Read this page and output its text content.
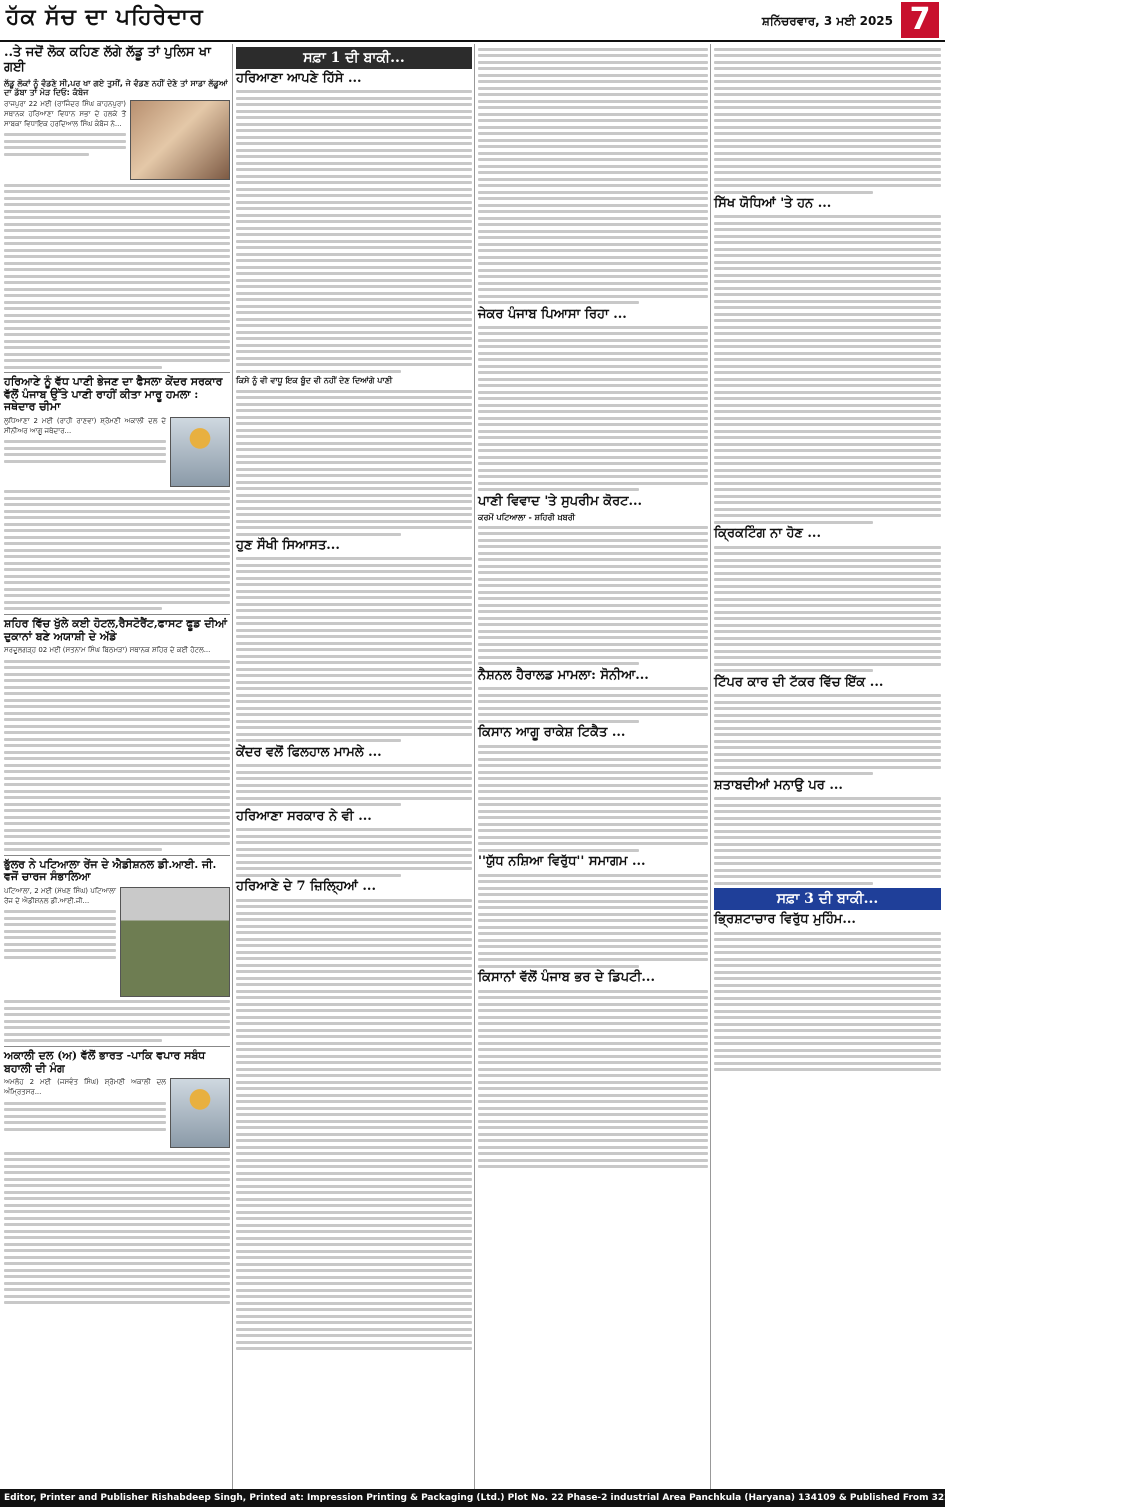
ਹੱਕ ਸੱਚ ਦਾ ਪਹਿਰੇਦਾਰ	ਸ਼ਨਿੱਚਰਵਾਰ, 3 ਮਈ 2025 7
..ਤੇ ਜਦੋਂ ਲੋਕ ਕਹਿਣ ਲੱਗੇ ਲੱਡੂ ਤਾਂ ਪੁਲਿਸ ਖਾ ਗਈ
ਲੱਡੂ ਲੋਕਾਂ ਨੂੰ ਵੰਡਣੇ ਸੀ,ਪਰ ਖਾ ਗਏ ਤੁਸੀਂ, ਜੇ ਵੰਡਣ ਨਹੀਂ ਦੇਣੇ ਤਾਂ ਸਾਡਾ ਲੱਡੂਆਂ ਦਾ ਡੱਬਾ ਤਾਂ ਮੋੜ ਦਿਓ: ਕੰਬੋਜ
ਰਾਜਪੁਰਾ 22 ਮਈ (ਰਾਜਿੰਦਰ ਸਿੰਘ ਕਾਹਨਪੁਰਾ) ਸਥਾਨਕ ਹਰਿਆਣਾ ਵਿਧਾਨ ਸਭਾ ਦੇ ਹਲਕੇ ਤੋਂ ਸਾਬਕਾ ਵਿਧਾਇਕ ਹਰਦਿਆਲ ਸਿੰਘ ਕੰਬੋਜ ਨੇ...
ਹਰਿਆਣੇ ਨੂੰ ਵੱਧ ਪਾਣੀ ਭੇਜਣ ਦਾ ਫੈਸਲਾ ਕੇਂਦਰ ਸਰਕਾਰ ਵੱਲੋਂ ਪੰਜਾਬ ਉੱਤੇ ਪਾਣੀ ਰਾਹੀਂ ਕੀਤਾ ਮਾਰੂ ਹਮਲਾ : ਜਥੇਦਾਰ ਚੀਮਾ
ਲੁਧਿਆਣਾ 2 ਮਈ (ਰਾਹੀ ਰਾਣਵਾ) ਸ਼੍ਰੋਮਣੀ ਅਕਾਲੀ ਦਲ ਦੇ ਸੀਨੀਅਰ ਆਗੂ ਜਥੇਦਾਰ...
ਸ਼ਹਿਰ ਵਿੱਚ ਖੁੱਲੇ ਕਈ ਹੋਟਲ,ਰੈਸਟੋਰੈਂਟ,ਫਾਸਟ ਫੂਡ ਦੀਆਂ ਦੁਕਾਨਾਂ ਬਣੇ ਅਯਾਸ਼ੀ ਦੇ ਅੱਡੇ
ਸਰਦੂਲਗੜ੍ਹ 02 ਮਈ (ਸਤਨਾਮ ਸਿੰਘ ਬਿਠਮੜਾ) ਸਥਾਨਕ ਸ਼ਹਿਰ ਦੇ ਕਈ ਹੋਟਲ...
ਭੁੱਲਰ ਨੇ ਪਟਿਆਲਾ ਰੇਂਜ ਦੇ ਐਡੀਸ਼ਨਲ ਡੀ.ਆਈ. ਜੀ. ਵਜੋਂ ਚਾਰਜ ਸੰਭਾਲਿਆ
ਪਟਿਆਲਾ, 2 ਮਈ (ਮੱਖਣ ਸਿੰਘ) ਪਟਿਆਲਾ ਰੇਂਜ ਦੇ ਐਡੀਸ਼ਨਲ ਡੀ.ਆਈ.ਜੀ...
ਅਕਾਲੀ ਦਲ (ਅ) ਵੱਲੋਂ ਭਾਰਤ -ਪਾਕਿ ਵਪਾਰ ਸਬੰਧ ਬਹਾਲੀ ਦੀ ਮੰਗ
ਅਮਲੋਹ 2 ਮਈ (ਜਸਵੰਤ ਸਿੰਘ) ਸ਼੍ਰੋਮਣੀ ਅਕਾਲੀ ਦਲ ਅੰਮ੍ਰਿਤਸਰ...
ਸਫ਼ਾ 1 ਦੀ ਬਾਕੀ...
ਹਰਿਆਣਾ ਆਪਣੇ ਹਿੱਸੇ ...
ਕਿਸੇ ਨੂੰ ਵੀ ਵਾਧੂ ਇਕ ਬੂੰਦ ਵੀ ਨਹੀਂ ਦੇਣ ਦਿਆਂਗੇ ਪਾਣੀ
ਹੁਣ ਸੌਖੀ ਸਿਆਸਤ...
ਕੇਂਦਰ ਵਲੋਂ ਫਿਲਹਾਲ ਮਾਮਲੇ ...
ਹਰਿਆਣਾ ਸਰਕਾਰ ਨੇ ਵੀ ...
ਹਰਿਆਣੇ ਦੇ 7 ਜ਼ਿਲ੍ਹਿਆਂ ...
ਜੇਕਰ ਪੰਜਾਬ ਪਿਆਸਾ ਰਿਹਾ ...
ਪਾਣੀ ਵਿਵਾਦ 'ਤੇ ਸੁਪਰੀਮ ਕੋਰਟ...
ਕਰਮੋਂ ਪਟਿਆਲਾ - ਸ਼ਹਿਰੀ ਖ਼ਬਰੀ
ਨੈਸ਼ਨਲ ਹੈਰਾਲਡ ਮਾਮਲਾ: ਸੋਨੀਆ...
ਕਿਸਾਨ ਆਗੂ ਰਾਕੇਸ਼ ਟਿਕੈਤ ...
''ਯੁੱਧ ਨਸ਼ਿਆ ਵਿਰੁੱਧ'' ਸਮਾਗਮ ...
ਕਿਸਾਨਾਂ ਵੱਲੋਂ ਪੰਜਾਬ ਭਰ ਦੇ ਡਿਪਟੀ...
ਸਿੱਖ ਯੋਧਿਆਂ 'ਤੇ ਹਨ ...
ਕ੍ਰਿਕਟਿੰਗ ਨਾ ਹੋਣ ...
ਟਿੱਪਰ ਕਾਰ ਦੀ ਟੱਕਰ ਵਿੱਚ ਇੱਕ ...
ਸ਼ਤਾਬਦੀਆਂ ਮਨਾਉ ਪਰ ...
ਸਫ਼ਾ 3 ਦੀ ਬਾਕੀ...
ਭ੍ਰਿਸ਼ਟਾਚਾਰ ਵਿਰੁੱਧ ਮੁਹਿੰਮ...
Editor, Printer and Publisher Rishabdeep Singh, Printed at: Impression Printing & Packaging (Ltd.) Plot No. 22 Phase-2 industrial Area Panchkula (Haryana) 134109 & Published From 3223, First Floor, Sector-35D, Chandigarh
